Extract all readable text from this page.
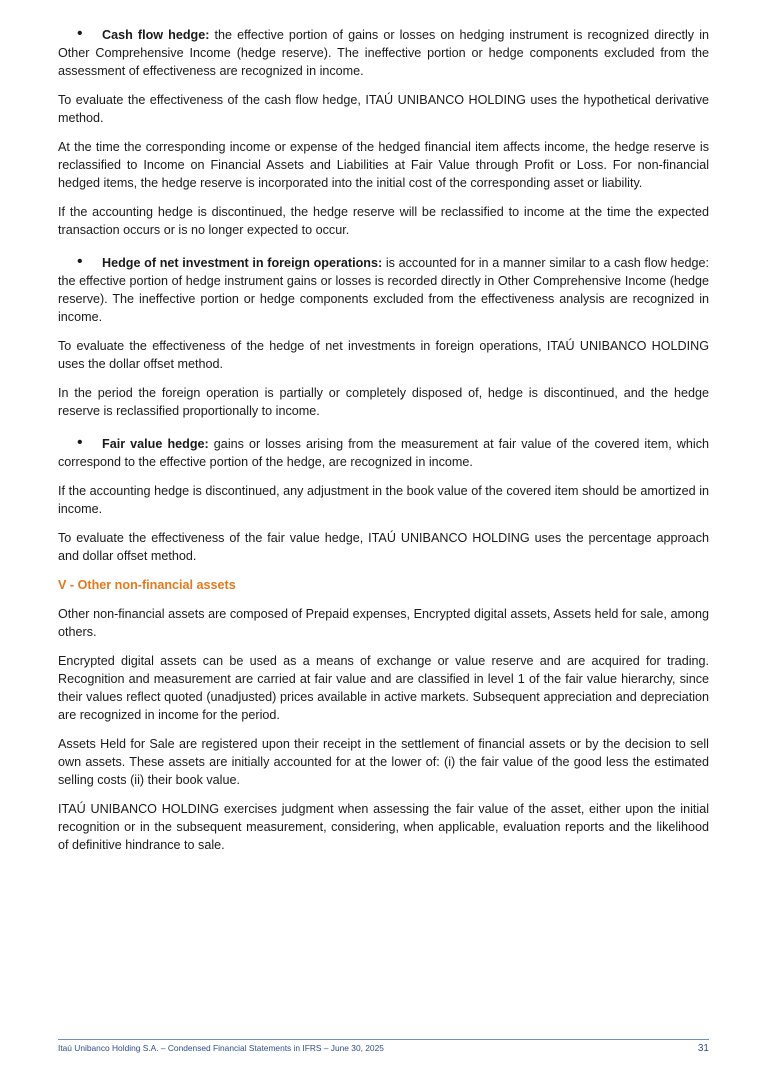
• Cash flow hedge: the effective portion of gains or losses on hedging instrument is recognized directly in Other Comprehensive Income (hedge reserve). The ineffective portion or hedge components excluded from the assessment of effectiveness are recognized in income.

To evaluate the effectiveness of the cash flow hedge, ITAÚ UNIBANCO HOLDING uses the hypothetical derivative method.

At the time the corresponding income or expense of the hedged financial item affects income, the hedge reserve is reclassified to Income on Financial Assets and Liabilities at Fair Value through Profit or Loss. For non-financial hedged items, the hedge reserve is incorporated into the initial cost of the corresponding asset or liability.

If the accounting hedge is discontinued, the hedge reserve will be reclassified to income at the time the expected transaction occurs or is no longer expected to occur.

• Hedge of net investment in foreign operations: is accounted for in a manner similar to a cash flow hedge: the effective portion of hedge instrument gains or losses is recorded directly in Other Comprehensive Income (hedge reserve). The ineffective portion or hedge components excluded from the effectiveness analysis are recognized in income.

To evaluate the effectiveness of the hedge of net investments in foreign operations, ITAÚ UNIBANCO HOLDING uses the dollar offset method.

In the period the foreign operation is partially or completely disposed of, hedge is discontinued, and the hedge reserve is reclassified proportionally to income.

• Fair value hedge: gains or losses arising from the measurement at fair value of the covered item, which correspond to the effective portion of the hedge, are recognized in income.

If the accounting hedge is discontinued, any adjustment in the book value of the covered item should be amortized in income.

To evaluate the effectiveness of the fair value hedge, ITAÚ UNIBANCO HOLDING uses the percentage approach and dollar offset method.

V - Other non-financial assets

Other non-financial assets are composed of Prepaid expenses, Encrypted digital assets, Assets held for sale, among others.

Encrypted digital assets can be used as a means of exchange or value reserve and are acquired for trading. Recognition and measurement are carried at fair value and are classified in level 1 of the fair value hierarchy, since their values reflect quoted (unadjusted) prices available in active markets. Subsequent appreciation and depreciation are recognized in income for the period.

Assets Held for Sale are registered upon their receipt in the settlement of financial assets or by the decision to sell own assets. These assets are initially accounted for at the lower of: (i) the fair value of the good less the estimated selling costs (ii) their book value.

ITAÚ UNIBANCO HOLDING exercises judgment when assessing the fair value of the asset, either upon the initial recognition or in the subsequent measurement, considering, when applicable, evaluation reports and the likelihood of definitive hindrance to sale.

Itaú Unibanco Holding S.A. – Condensed Financial Statements in IFRS – June 30, 2025	31
